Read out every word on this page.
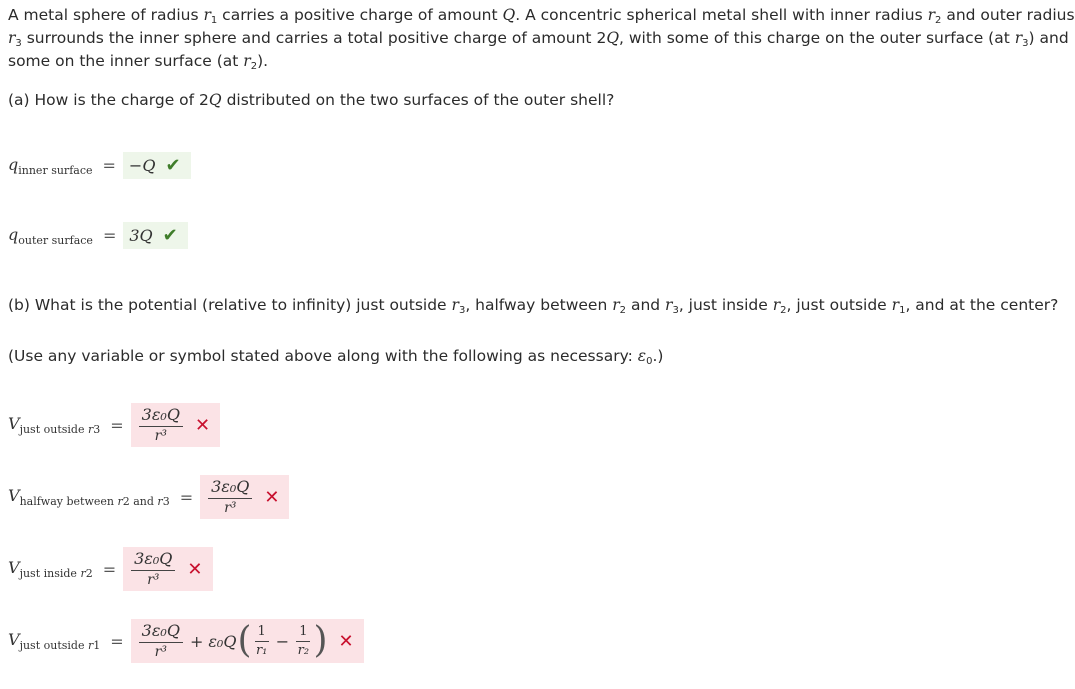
A metal sphere of radius $r_1$ carries a positive charge of amount Q. A concentric spherical metal shell with inner radius $r_2$ and outer radius
$r_3$ surrounds the inner sphere and carries a total positive charge of amount 2Q, with some of this charge on the outer surface (at $r_3$) and
some on the inner surface (at $r_2$).
(a) How is the charge of 2Q distributed on the two surfaces of the outer shell?
$q_{inner surface} = -Q$ ✔
$q_{outer surface} = 3Q$ ✔
(b) What is the potential (relative to infinity) just outside $r_3$, halfway between $r_2$ and $r_3$, just inside $r_2$, just outside $r_1$, and at the center?
(Use any variable or symbol stated above along with the following as necessary: $\varepsilon_0$.)
$V_{just outside r3} = \frac{\text{3ε₀Q}}{\text{r³}}$ ✕
$V_{halfway between r2 and r3} = \frac{\text{3ε₀Q}}{\text{r³}}$ ✕
$V_{just inside r2} = \frac{\text{3ε₀Q}}{\text{r³}}$ ✕
$V_{just outside r1} = \frac{\text{3ε₀Q}}{\text{r³}} + \varepsilon_0Q$ ( $\frac{1}{\text{r₁}} - \frac{1}{\text{r₂}}$ ) ✕
